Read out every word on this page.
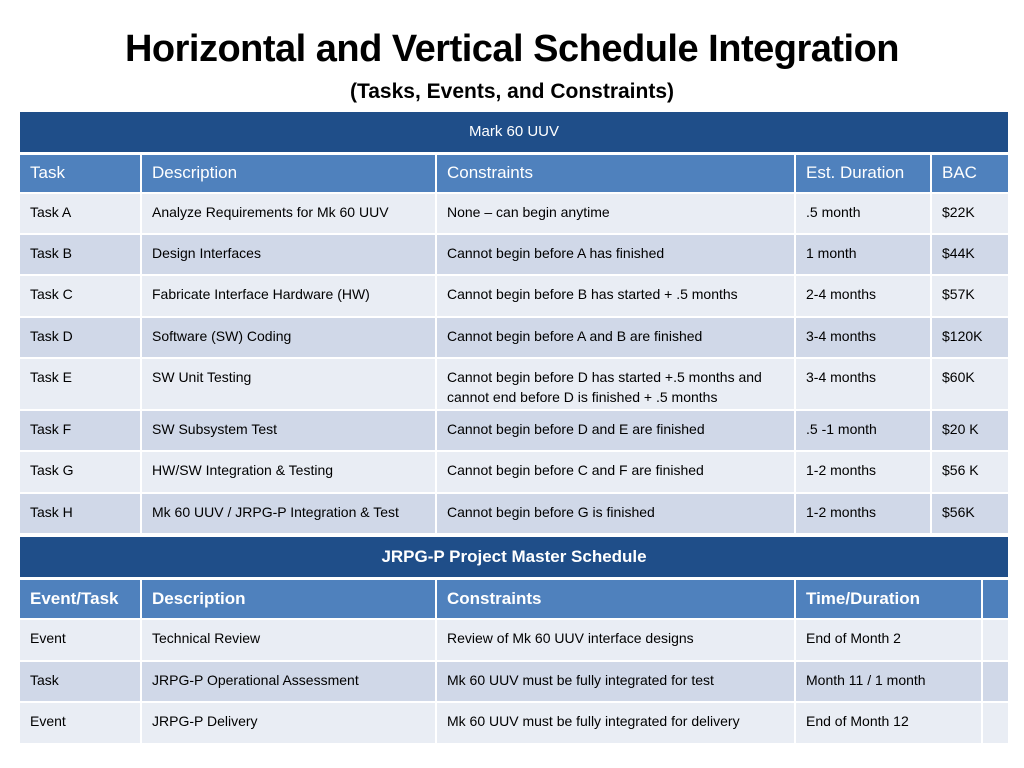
Horizontal and Vertical Schedule Integration
(Tasks, Events, and Constraints)
Mark 60 UUV				
Task	Description	Constraints	Est. Duration	BAC
Task A	Analyze Requirements for Mk 60 UUV	None – can begin anytime	.5 month	$22K
Task B	Design Interfaces	Cannot begin before A has finished	1 month	$44K
Task C	Fabricate Interface Hardware (HW)	Cannot begin before B has started + .5 months	2-4 months	$57K
Task D	Software (SW) Coding	Cannot begin before A and B are finished	3-4 months	$120K
Task E	SW Unit Testing	Cannot begin before D has started +.5 months and cannot end before D is finished + .5 months	3-4 months	$60K
Task F	SW Subsystem Test	Cannot begin before D and E are finished	.5 -1 month	$20 K
Task G	HW/SW Integration & Testing	Cannot begin before C and F are finished	1-2 months	$56 K
Task H	Mk 60 UUV / JRPG-P Integration & Test	Cannot begin before G is finished	1-2 months	$56K
JRPG-P Project Master Schedule				
Event/Task	Description	Constraints	Time/Duration	
Event	Technical Review	Review of Mk 60 UUV interface designs	End of Month 2	
Task	JRPG-P Operational Assessment	Mk 60 UUV must be fully integrated for test	Month 11 / 1 month	
Event	JRPG-P Delivery	Mk 60 UUV must be fully integrated for delivery	End of Month 12	
